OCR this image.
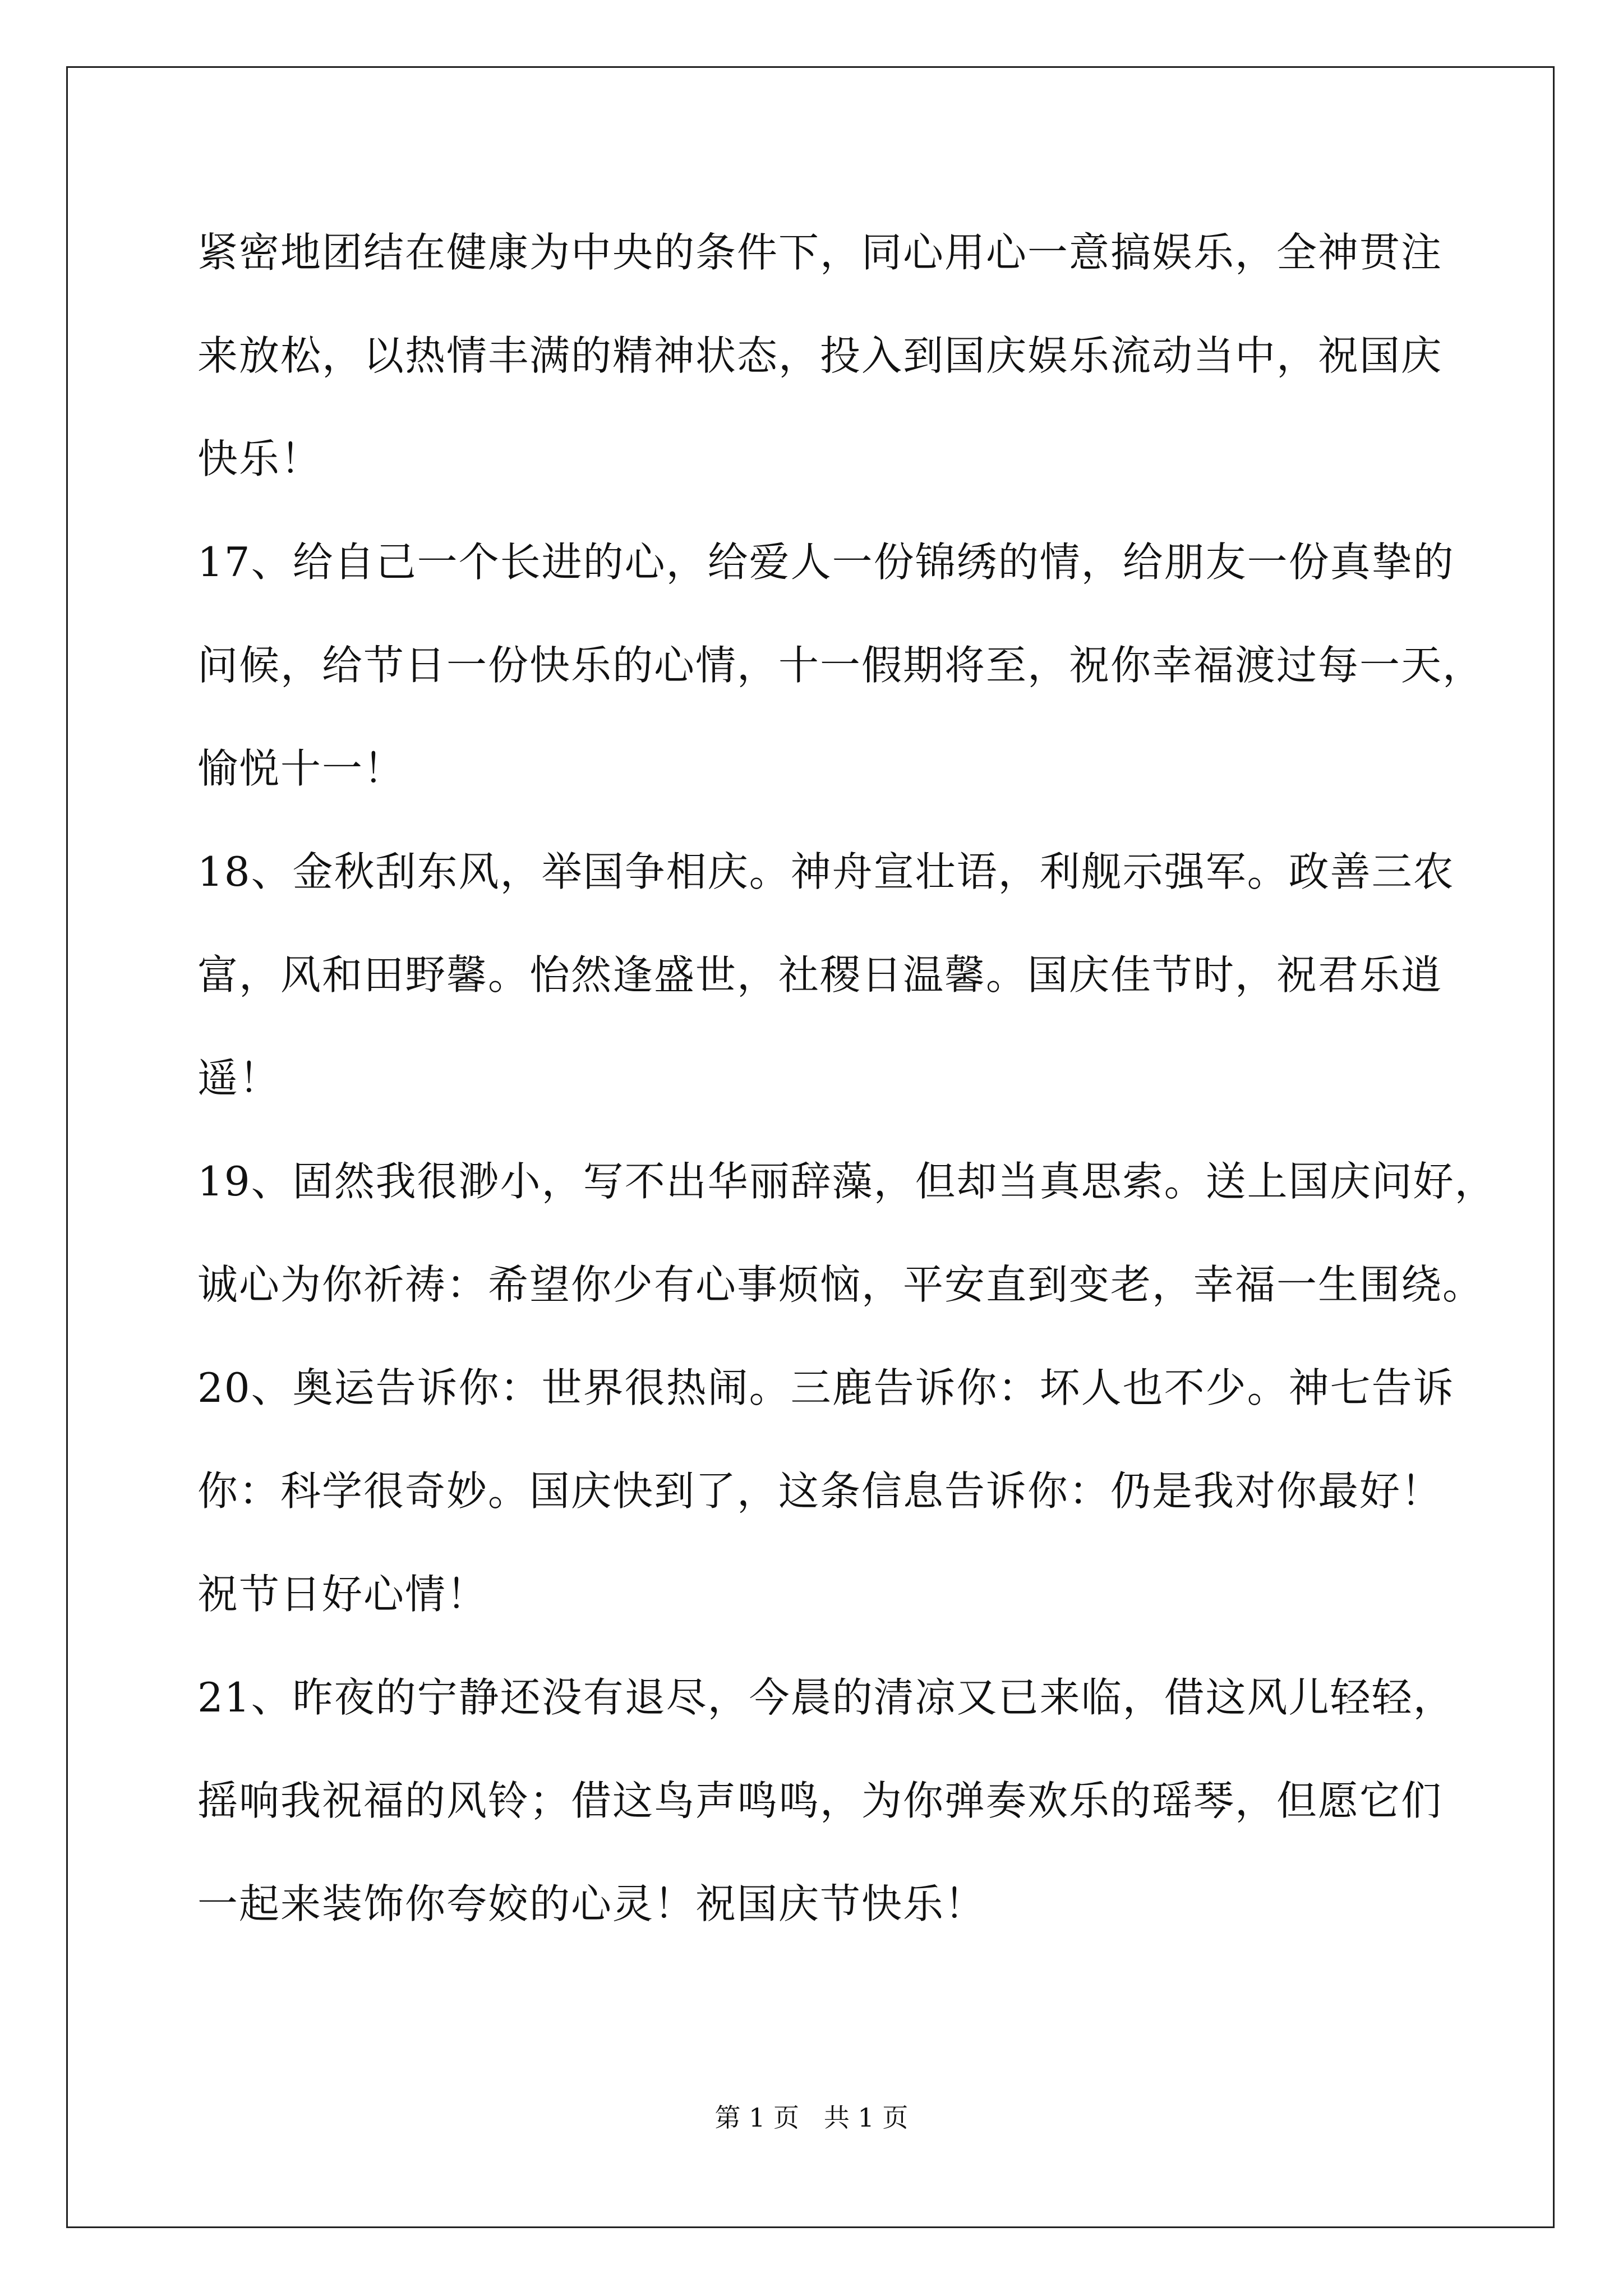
紧密地团结在健康为中央的条件下，同心用心一意搞娱乐，全神贯注
来放松，以热情丰满的精神状态，投入到国庆娱乐流动当中，祝国庆
快乐！
17、给自己一个长进的心，给爱人一份锦绣的情，给朋友一份真挚的
问候，给节日一份快乐的心情，十一假期将至，祝你幸福渡过每一天，
愉悦十一！
18、金秋刮东风，举国争相庆。神舟宣壮语，利舰示强军。政善三农
富，风和田野馨。怡然逢盛世，社稷日温馨。国庆佳节时，祝君乐逍
遥！
19、固然我很渺小，写不出华丽辞藻，但却当真思索。送上国庆问好，
诚心为你祈祷：希望你少有心事烦恼，平安直到变老，幸福一生围绕。
20、奥运告诉你：世界很热闹。三鹿告诉你：坏人也不少。神七告诉
你：科学很奇妙。国庆快到了，这条信息告诉你：仍是我对你最好！
祝节日好心情！
21、昨夜的宁静还没有退尽，今晨的清凉又已来临，借这风儿轻轻，
摇响我祝福的风铃；借这鸟声鸣鸣，为你弹奏欢乐的瑶琴，但愿它们
一起来装饰你夸姣的心灵！祝国庆节快乐！
第 1 页   共 1 页
